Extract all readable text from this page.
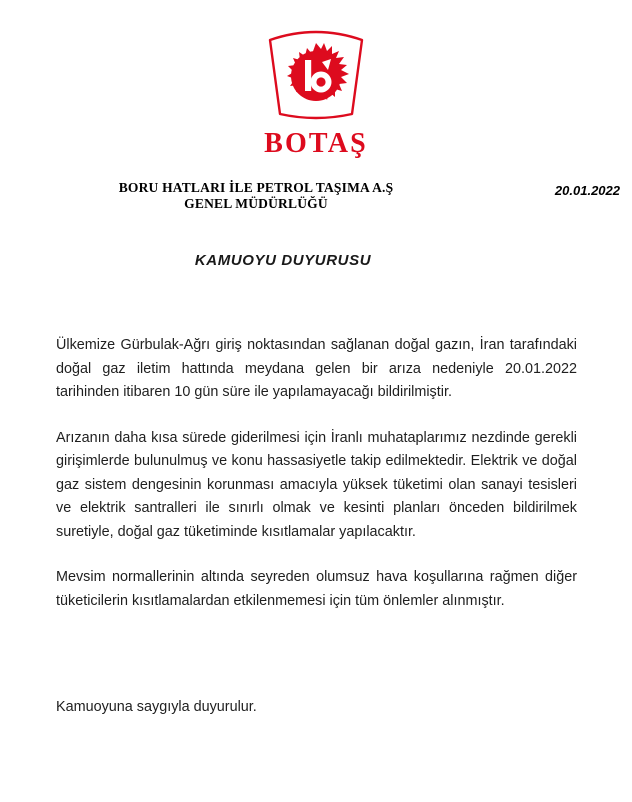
BOTAŞ
BORU HATLARI İLE PETROL TAŞIMA A.Ş
GENEL MÜDÜRLÜĞÜ
20.01.2022
KAMUOYU DUYURUSU

Ülkemize Gürbulak-Ağrı giriş noktasından sağlanan doğal gazın, İran tarafındaki doğal gaz iletim hattında meydana gelen bir arıza nedeniyle 20.01.2022 tarihinden itibaren 10 gün süre ile yapılamayacağı bildirilmiştir.

Arızanın daha kısa sürede giderilmesi için İranlı muhataplarımız nezdinde gerekli girişimlerde bulunulmuş ve konu hassasiyetle takip edilmektedir. Elektrik ve doğal gaz sistem dengesinin korunması amacıyla yüksek tüketimi olan sanayi tesisleri ve elektrik santralleri ile sınırlı olmak ve kesinti planları önceden bildirilmek suretiyle, doğal gaz tüketiminde kısıtlamalar yapılacaktır.

Mevsim normallerinin altında seyreden olumsuz hava koşullarına rağmen diğer tüketicilerin kısıtlamalardan etkilenmemesi için tüm önlemler alınmıştır.

Kamuoyuna saygıyla duyurulur.
